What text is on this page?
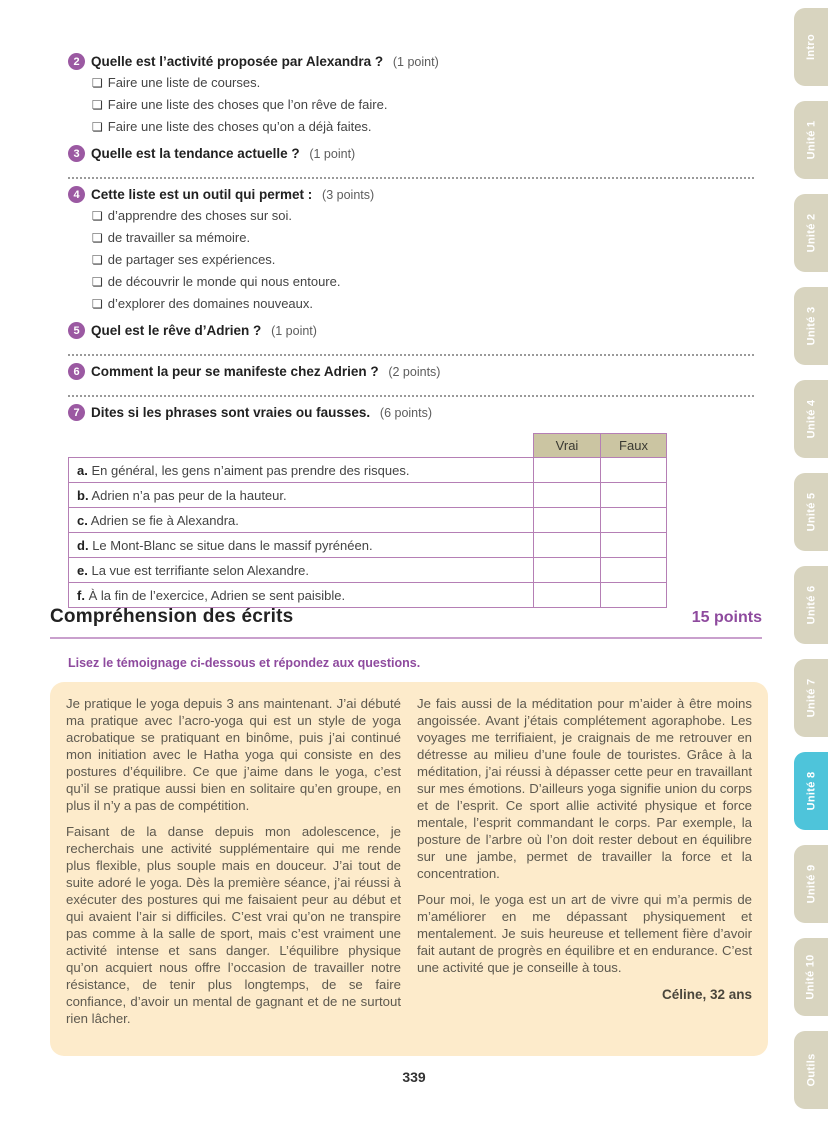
2 Quelle est l’activité proposée par Alexandra ? (1 point)
❏ Faire une liste de courses.
❏ Faire une liste des choses que l’on rêve de faire.
❏ Faire une liste des choses qu’on a déjà faites.
3 Quelle est la tendance actuelle ? (1 point)
4 Cette liste est un outil qui permet : (3 points)
❏ d’apprendre des choses sur soi.
❏ de travailler sa mémoire.
❏ de partager ses expériences.
❏ de découvrir le monde qui nous entoure.
❏ d’explorer des domaines nouveaux.
5 Quel est le rêve d’Adrien ? (1 point)
6 Comment la peur se manifeste chez Adrien ? (2 points)
7 Dites si les phrases sont vraies ou fausses. (6 points)
	Vrai	Faux
a. En général, les gens n’aiment pas prendre des risques.		
b. Adrien n’a pas peur de la hauteur.		
c. Adrien se fie à Alexandra.		
d. Le Mont-Blanc se situe dans le massif pyrénéen.		
e. La vue est terrifiante selon Alexandre.		
f. À la fin de l’exercice, Adrien se sent paisible.		
Compréhension des écrits	15 points
Lisez le témoignage ci-dessous et répondez aux questions.

Je pratique le yoga depuis 3 ans maintenant. J’ai débuté ma pratique avec l’acro-yoga qui est un style de yoga acrobatique se pratiquant en binôme, puis j’ai continué mon initiation avec le Hatha yoga qui consiste en des postures d’équilibre. Ce que j’aime dans le yoga, c’est qu’il se pratique aussi bien en solitaire qu’en groupe, en plus il n’y a pas de compétition.

Faisant de la danse depuis mon adolescence, je recherchais une activité supplémentaire qui me rende plus flexible, plus souple mais en douceur. J’ai tout de suite adoré le yoga. Dès la première séance, j’ai réussi à exécuter des postures qui me faisaient peur au début et qui avaient l’air si difficiles. C’est vrai qu’on ne transpire pas comme à la salle de sport, mais c’est vraiment une activité intense et sans danger. L’équilibre physique qu’on acquiert nous offre l’occasion de travailler notre résistance, de tenir plus longtemps, de se faire confiance, d’avoir un mental de gagnant et de ne surtout rien lâcher.

Je fais aussi de la méditation pour m’aider à être moins angoissée. Avant j’étais complétement agoraphobe. Les voyages me terrifiaient, je craignais de me retrouver en détresse au milieu d’une foule de touristes. Grâce à la méditation, j’ai réussi à dépasser cette peur en travaillant sur mes émotions. D’ailleurs yoga signifie union du corps et de l’esprit. Ce sport allie activité physique et force mentale, l’esprit commandant le corps. Par exemple, la posture de l’arbre où l’on doit rester debout en équilibre sur une jambe, permet de travailler la force et la concentration.

Pour moi, le yoga est un art de vivre qui m’a permis de m’améliorer en me dépassant physiquement et mentalement. Je suis heureuse et tellement fière d’avoir fait autant de progrès en équilibre et en endurance. C’est une activité que je conseille à tous.

Céline, 32 ans
339
Intro
Unité 1
Unité 2
Unité 3
Unité 4
Unité 5
Unité 6
Unité 7
Unité 8
Unité 9
Unité 10
Outils
